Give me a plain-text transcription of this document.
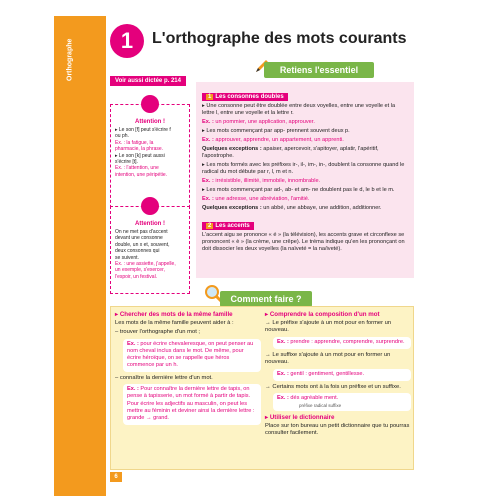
Orthographe	1	L'orthographe des mots courants
Retiens l'essentiel
Voir aussi dictée p. 214
Attention !
▸ Le son [f] peut s'écrire f
ou ph.
Ex. : la fatigue, la
pharmacie, la phrase.
▸ Le son [k] peut aussi
s'écrire [t].
Ex. : l'attention, une
intention, une péripétie.
Attention !
On ne met pas d'accent
devant une consonne
double, un x et, souvent,
deux consonnes qui
se suivent.
Ex. : une assiette, j'appelle,
un exemple, s'exercer,
l'espoir, un festival.
1 Les consonnes doubles
▸ Une consonne peut être doublée entre deux voyelles, entre une voyelle et la lettre l, entre une voyelle et la lettre r.
Ex. : un pommier, une application, approuver.
▸ Les mots commençant par app- prennent souvent deux p.
Ex. : approuver, apprendre, un appartement, un apprenti.
Quelques exceptions : apaiser, apercevoir, s'apitoyer, aplatir, l'apéritif, l'apostrophe.
▸ Les mots formés avec les préfixes ir-, il-, im-, in-, doublent la consonne quand le radical du mot débute par r, l, m et n.
Ex. : irrésistible, illimité, immobile, innombrable.
▸ Les mots commençant par ad-, ab- et am- ne doublent pas le d, le b et le m.
Ex. : une adresse, une abréviation, l'amitié.
Quelques exceptions : un abbé, une abbaye, une addition, additionner.
2 Les accents
L'accent aigu se prononce « é » (la télévision), les accents grave et circonflexe se prononcent « è » (la crème, une crêpe). Le tréma indique qu'en les prononçant on doit dissocier les deux voyelles (la naïveté = la na/iveté).
Comment faire ?
▸ Chercher des mots de la même famille
Les mots de la même famille peuvent aider à :
– trouver l'orthographe d'un mot ;
Ex. : pour écrire chevaleresque, on peut penser au nom cheval inclus dans le mot. De même, pour écrire héroïque, on se rappelle que héros commence par un h.
– connaître la dernière lettre d'un mot.
Ex. : Pour connaître la dernière lettre de tapis, on pense à tapisserie, un mot formé à partir de tapis.
Pour écrire les adjectifs au masculin, on peut les mettre au féminin et deviner ainsi la dernière lettre : grande → grand.
▸ Comprendre la composition d'un mot
→ Le préfixe s'ajoute à un mot pour en former un nouveau.
Ex. : prendre : apprendre, comprendre, surprendre.
→ Le suffixe s'ajoute à un mot pour en former un nouveau.
Ex. : gentil : gentiment, gentillesse.
→ Certains mots ont à la fois un préfixe et un suffixe.
Ex. : dés agréable ment.
préfixe radical suffixe
▸ Utiliser le dictionnaire
Place sur ton bureau un petit dictionnaire que tu pourras consulter facilement.
6
